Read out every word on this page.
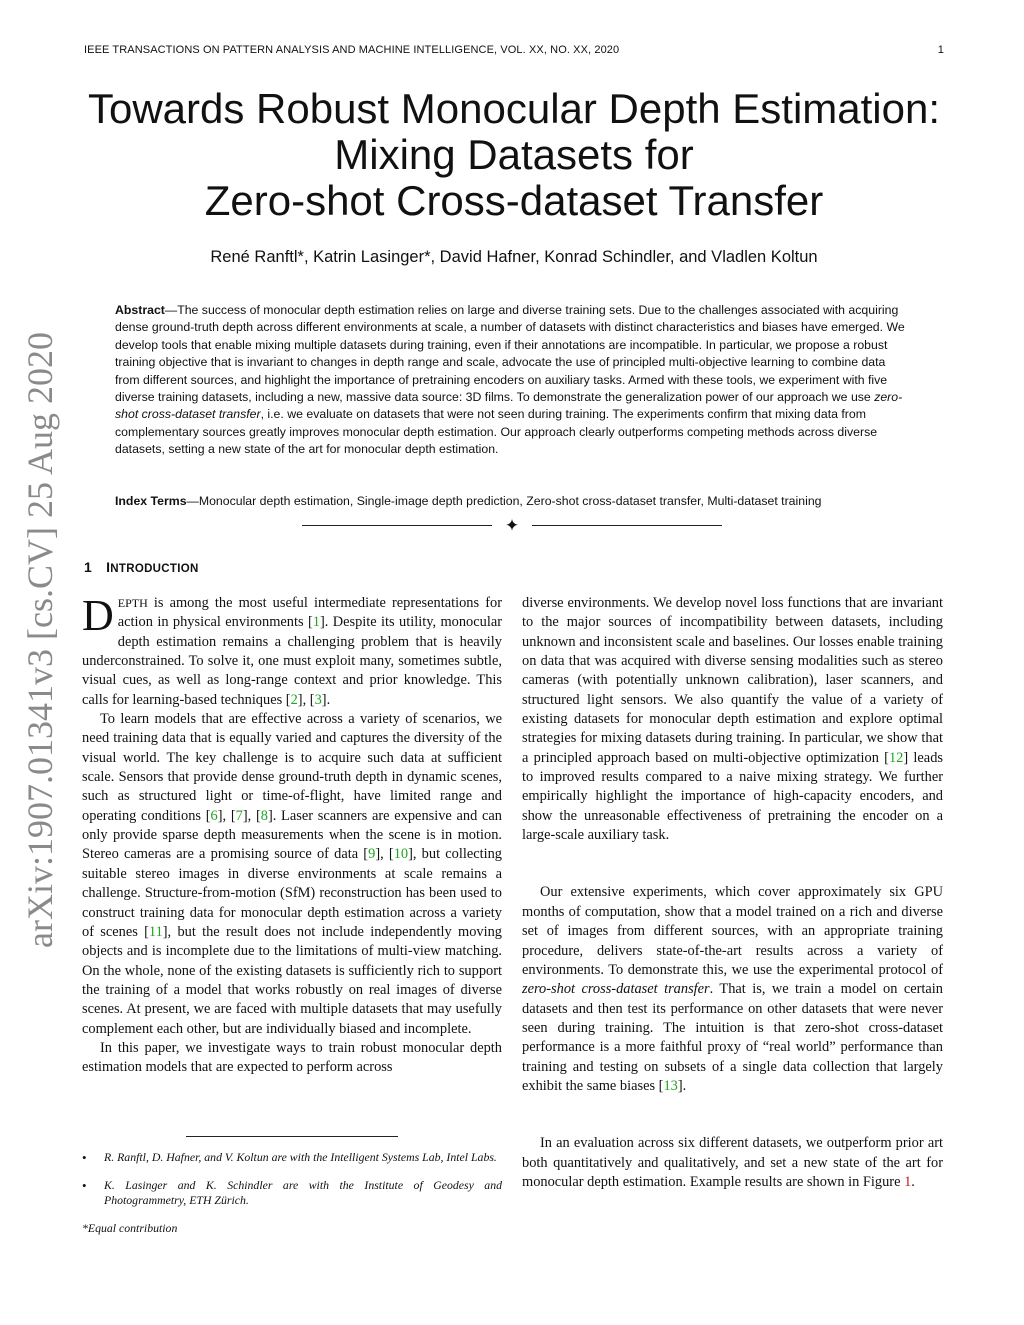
IEEE TRANSACTIONS ON PATTERN ANALYSIS AND MACHINE INTELLIGENCE, VOL. XX, NO. XX, 2020	1
arXiv:1907.01341v3 [cs.CV] 25 Aug 2020
Towards Robust Monocular Depth Estimation:
Mixing Datasets for
Zero-shot Cross-dataset Transfer
René Ranftl*, Katrin Lasinger*, David Hafner, Konrad Schindler, and Vladlen Koltun
Abstract—The success of monocular depth estimation relies on large and diverse training sets. Due to the challenges associated with acquiring dense ground-truth depth across different environments at scale, a number of datasets with distinct characteristics and biases have emerged. We develop tools that enable mixing multiple datasets during training, even if their annotations are incompatible. In particular, we propose a robust training objective that is invariant to changes in depth range and scale, advocate the use of principled multi-objective learning to combine data from different sources, and highlight the importance of pretraining encoders on auxiliary tasks. Armed with these tools, we experiment with five diverse training datasets, including a new, massive data source: 3D films. To demonstrate the generalization power of our approach we use zero-shot cross-dataset transfer, i.e. we evaluate on datasets that were not seen during training. The experiments confirm that mixing data from complementary sources greatly improves monocular depth estimation. Our approach clearly outperforms competing methods across diverse datasets, setting a new state of the art for monocular depth estimation.
Index Terms—Monocular depth estimation, Single-image depth prediction, Zero-shot cross-dataset transfer, Multi-dataset training
✦
1 INTRODUCTION

DEPTH is among the most useful intermediate representations for action in physical environments [1]. Despite its utility, monocular depth estimation remains a challenging problem that is heavily underconstrained. To solve it, one must exploit many, sometimes subtle, visual cues, as well as long-range context and prior knowledge. This calls for learning-based techniques [2], [3].

To learn models that are effective across a variety of scenarios, we need training data that is equally varied and captures the diversity of the visual world. The key challenge is to acquire such data at sufficient scale. Sensors that provide dense ground-truth depth in dynamic scenes, such as structured light or time-of-flight, have limited range and operating conditions [6], [7], [8]. Laser scanners are expensive and can only provide sparse depth measurements when the scene is in motion. Stereo cameras are a promising source of data [9], [10], but collecting suitable stereo images in diverse environments at scale remains a challenge. Structure-from-motion (SfM) reconstruction has been used to construct training data for monocular depth estimation across a variety of scenes [11], but the result does not include independently moving objects and is incomplete due to the limitations of multi-view matching. On the whole, none of the existing datasets is sufficiently rich to support the training of a model that works robustly on real images of diverse scenes. At present, we are faced with multiple datasets that may usefully complement each other, but are individually biased and incomplete.

In this paper, we investigate ways to train robust monocular depth estimation models that are expected to perform across

diverse environments. We develop novel loss functions that are invariant to the major sources of incompatibility between datasets, including unknown and inconsistent scale and baselines. Our losses enable training on data that was acquired with diverse sensing modalities such as stereo cameras (with potentially unknown calibration), laser scanners, and structured light sensors. We also quantify the value of a variety of existing datasets for monocular depth estimation and explore optimal strategies for mixing datasets during training. In particular, we show that a principled approach based on multi-objective optimization [12] leads to improved results compared to a naive mixing strategy. We further empirically highlight the importance of high-capacity encoders, and show the unreasonable effectiveness of pretraining the encoder on a large-scale auxiliary task.

Our extensive experiments, which cover approximately six GPU months of computation, show that a model trained on a rich and diverse set of images from different sources, with an appropriate training procedure, delivers state-of-the-art results across a variety of environments. To demonstrate this, we use the experimental protocol of zero-shot cross-dataset transfer. That is, we train a model on certain datasets and then test its performance on other datasets that were never seen during training. The intuition is that zero-shot cross-dataset performance is a more faithful proxy of “real world” performance than training and testing on subsets of a single data collection that largely exhibit the same biases [13].

In an evaluation across six different datasets, we outperform prior art both quantitatively and qualitatively, and set a new state of the art for monocular depth estimation. Example results are shown in Figure 1.

• R. Ranftl, D. Hafner, and V. Koltun are with the Intelligent Systems Lab, Intel Labs.
• K. Lasinger and K. Schindler are with the Institute of Geodesy and Photogrammetry, ETH Zürich.
*Equal contribution
